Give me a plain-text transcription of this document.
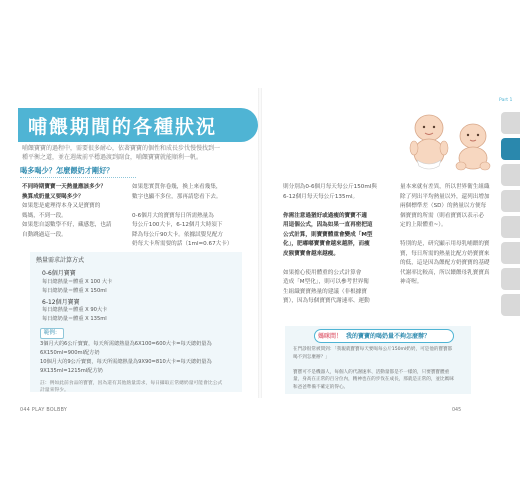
哺餵期間的各種狀況
哺餵寶寶的過程中，需要很多耐心，依著寶寶的個性和成長步伐慢慢找到一
種平衡之道，並在週歲前平穩過渡到副食，哺餵寶寶就能順利一帆。
喝多喝少？怎麼餵奶才剛好？
不同時期寶寶一天熱量應該多少？
換算成奶量又要喝多少？
如果您是處理得本身又是寶寶的
媽媽，不到一段。
如果您自認數學不好，藏感您，也請
自動跳過這一段。
如果您實質你卷幾，換上來看幾集，
數字也顯不多位，那再請您看下去。
0-6個月大的寶寶每日所需熱量為
每公斤100大卡，6-12個月大時須下
降為每公斤90大卡。依據試嬰兒配方
奶每大卡所需要的話（1ml=0.67大卡）
熱量需求計算方式
0-6個月寶寶
每日總熱量＝體重 X 100 大卡
每日總奶量＝體重 X 150ml
6-12個月寶寶
每日總熱量＝體重 X 90大卡
每日總奶量＝體重 X 135ml
範例：
3個月大的6公斤寶寶，每天所需總熱量為6X100=600大卡=每天總奶量為
6X150ml=900ml配方奶
10個月大的9公斤寶寶，每天所需總熱量為9X90=810大卡=每天總奶量為
9X135ml=1215ml配方奶
註：例如此前食品的寶寶，因為還有其他熱量需求，每日攝取正常總奶量可能會比公式
計量來得少。
044 PLAY BOLBBY
則分別為0-6個月每天每公斤150ml與
6-12個月每天每公斤135ml。
你需注意過猶好或過瘦的寶寶不適
用這個公式，因為如果一直再密把這
公式計算，則寶寶體重會變成「M型
化」，肥嘟嘟寶寶會越來越胖，而瘦
皮猴寶寶會越來越瘦。
如果擔心使用體重的公式計算會
造成「M型化」，則可以參考世界衛
生組織寶寶熱量的建議（非根據寶
寶），因為每個寶寶代謝速率、運動
量本來就有差異，所以世界衛生組織
除了列出平均熱量以外，還列出增加
兩個標準差（SD）的熱量以方便每
個寶寶的所需（則看寶寶以表示必
定的上限體重~）。
特別的是，研究顯示用母乳哺餵的寶
寶，每日所需的熱量比配方奶寶寶來
的低，這是因為餵配方奶寶寶的基礎
代謝率比較高，所以餵餵母乳寶寶真
神奇喔。
媽咪問！ 我的寶寶的喝奶量不夠怎麼辦？
在門診很常被問到：「我親就寶寶每天要喝每公斤150ml奶奶，可是他的寶寶都
喝不到怎麼辦？」
寶寶可不是機器人，每個人的代謝速率、活動量都是不一樣的，只要寶寶體重
量，身高在正常的百分位內，精神也在的步伐在成長，那就是正常的，並比媽咪
和爸爸準備不確定的得心。
045
Part 1
